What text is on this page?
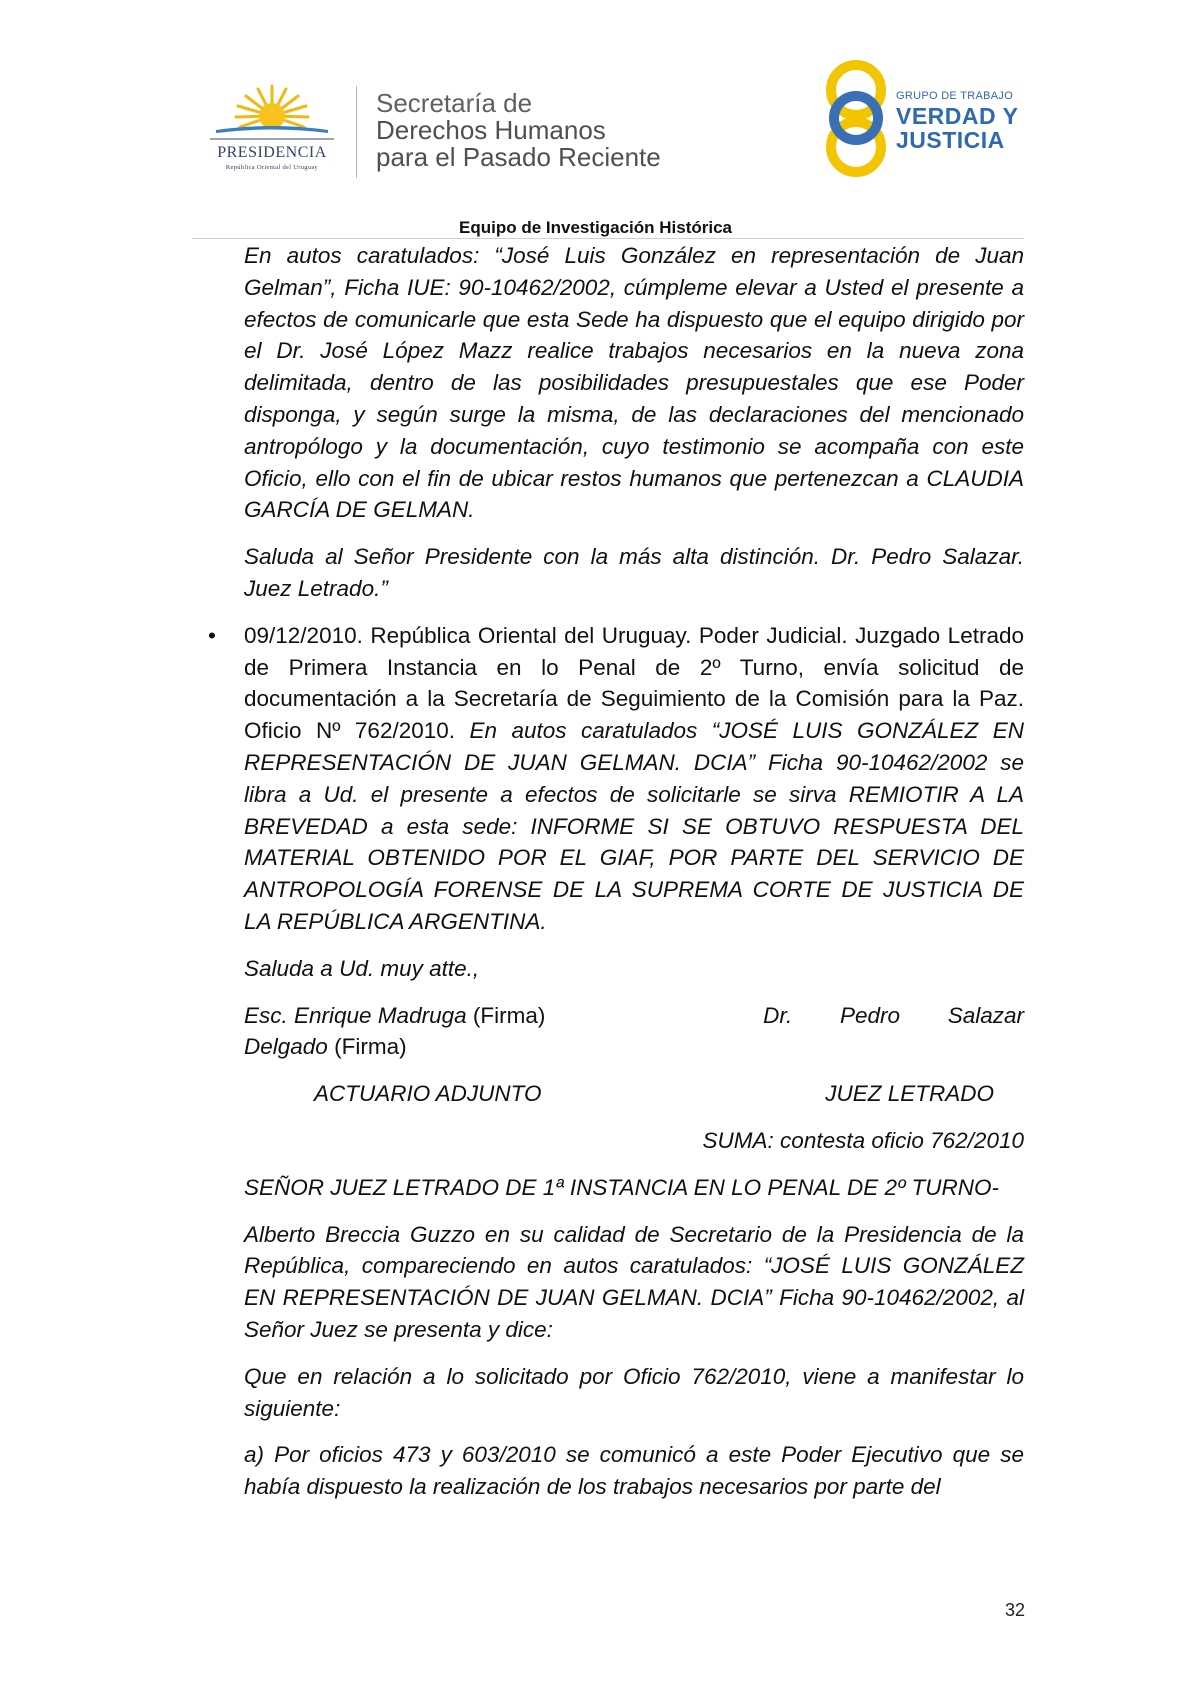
PRESIDENCIA
República Oriental del Uruguay
Secretaría de
Derechos Humanos
para el Pasado Reciente
GRUPO DE TRABAJO
VERDAD Y
JUSTICIA
Equipo de Investigación Histórica

En autos caratulados: “José Luis González en representación de Juan Gelman”, Ficha IUE: 90-10462/2002, cúmpleme elevar a Usted el presente a efectos de comunicarle que esta Sede ha dispuesto que el equipo dirigido por el Dr. José López Mazz realice trabajos necesarios en la nueva zona delimitada, dentro de las posibilidades presupuestales que ese Poder disponga, y según surge la misma, de las declaraciones del mencionado antropólogo y la documentación, cuyo testimonio se acompaña con este Oficio, ello con el fin de ubicar restos humanos que pertenezcan a CLAUDIA GARCÍA DE GELMAN.

Saluda al Señor Presidente con la más alta distinción. Dr. Pedro Salazar. Juez Letrado.”

• 09/12/2010. República Oriental del Uruguay. Poder Judicial. Juzgado Letrado de Primera Instancia en lo Penal de 2º Turno, envía solicitud de documentación a la Secretaría de Seguimiento de la Comisión para la Paz. Oficio Nº 762/2010. En autos caratulados “JOSÉ LUIS GONZÁLEZ EN REPRESENTACIÓN DE JUAN GELMAN. DCIA” Ficha 90-10462/2002 se libra a Ud. el presente a efectos de solicitarle se sirva REMIOTIR A LA BREVEDAD a esta sede: INFORME SI SE OBTUVO RESPUESTA DEL MATERIAL OBTENIDO POR EL GIAF, POR PARTE DEL SERVICIO DE ANTROPOLOGÍA FORENSE DE LA SUPREMA CORTE DE JUSTICIA DE LA REPÚBLICA ARGENTINA.

Saluda a Ud. muy atte.,

Esc. Enrique Madruga (Firma)	Dr. Pedro Salazar

Delgado (Firma)

ACTUARIO ADJUNTO	JUEZ LETRADO

SUMA: contesta oficio 762/2010

SEÑOR JUEZ LETRADO DE 1ª INSTANCIA EN LO PENAL DE 2º TURNO-

Alberto Breccia Guzzo en su calidad de Secretario de la Presidencia de la República, compareciendo en autos caratulados: “JOSÉ LUIS GONZÁLEZ EN REPRESENTACIÓN DE JUAN GELMAN. DCIA” Ficha 90-10462/2002, al Señor Juez se presenta y dice:

Que en relación a lo solicitado por Oficio 762/2010, viene a manifestar lo siguiente:

a) Por oficios 473 y 603/2010 se comunicó a este Poder Ejecutivo que se había dispuesto la realización de los trabajos necesarios por parte del

32
